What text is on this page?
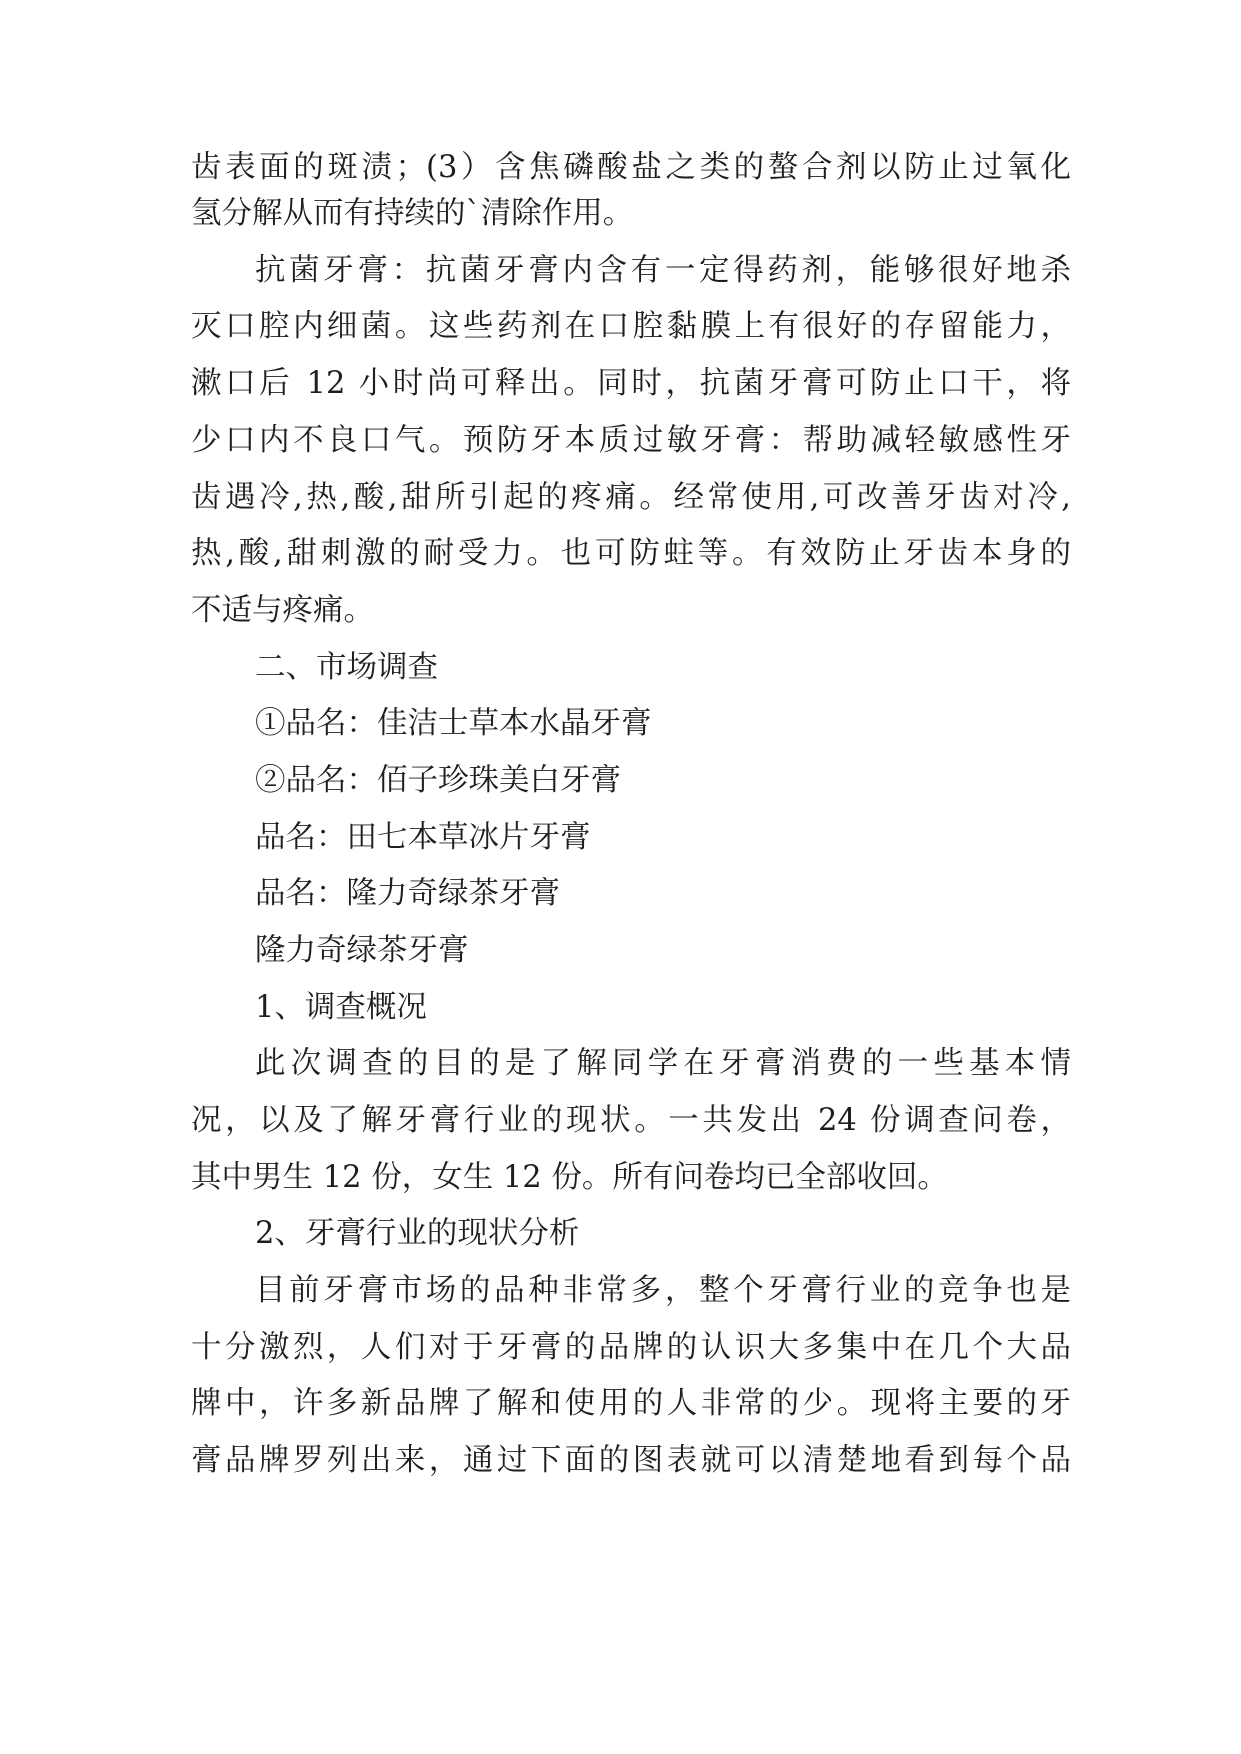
齿表面的斑渍；(3）含焦磷酸盐之类的螯合剂以防止过氧化
氢分解从而有持续的`清除作用。
抗菌牙膏：抗菌牙膏内含有一定得药剂，能够很好地杀
灭口腔内细菌。这些药剂在口腔黏膜上有很好的存留能力，
漱口后 12 小时尚可释出。同时，抗菌牙膏可防止口干，将
少口内不良口气。预防牙本质过敏牙膏：帮助减轻敏感性牙
齿遇冷,热,酸,甜所引起的疼痛。经常使用,可改善牙齿对冷,
热,酸,甜刺激的耐受力。也可防蛀等。有效防止牙齿本身的
不适与疼痛。
二、市场调查
①品名：佳洁士草本水晶牙膏
②品名：佰子珍珠美白牙膏
品名：田七本草冰片牙膏
品名：隆力奇绿茶牙膏
隆力奇绿茶牙膏
1、调查概况
此次调查的目的是了解同学在牙膏消费的一些基本情
况，以及了解牙膏行业的现状。一共发出 24 份调查问卷，
其中男生 12 份，女生 12 份。所有问卷均已全部收回。
2、牙膏行业的现状分析
目前牙膏市场的品种非常多，整个牙膏行业的竞争也是
十分激烈，人们对于牙膏的品牌的认识大多集中在几个大品
牌中，许多新品牌了解和使用的人非常的少。现将主要的牙
膏品牌罗列出来，通过下面的图表就可以清楚地看到每个品
